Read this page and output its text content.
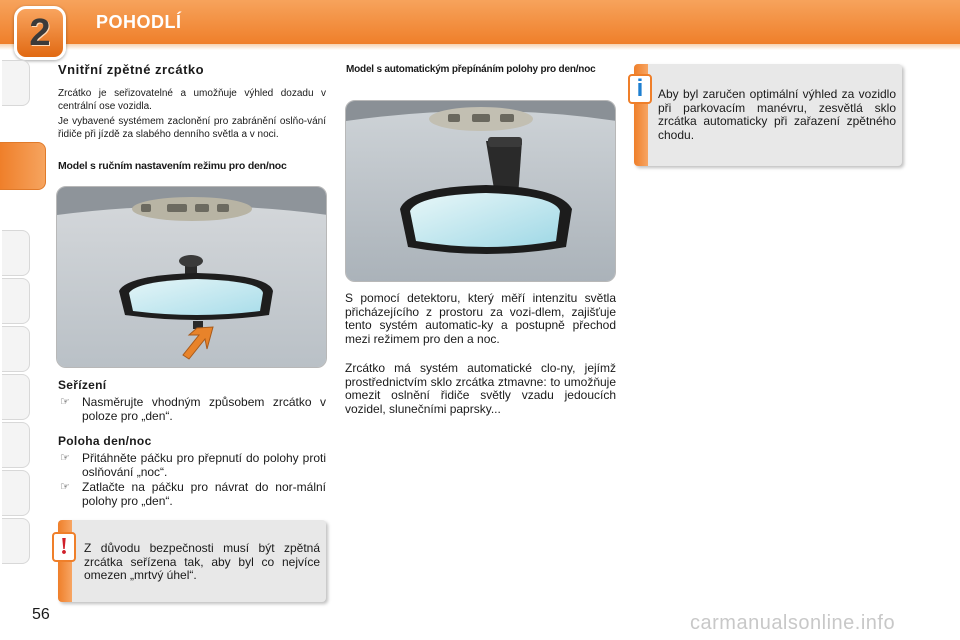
2	POHODLÍ
Vnitřní zpětné zrcátko
Zrcátko je seřizovatelné a umožňuje výhled dozadu v centrální ose vozidla.
Je vybavené systémem zaclonění pro zabránění oslňo-vání řidiče při jízdě za slabého denního světla a v noci.
Model s ručním nastavením režimu pro den/noc
Seřízení
☞	Nasměrujte vhodným způsobem zrcátko v poloze pro „den“.
Poloha den/noc
☞	Přitáhněte páčku pro přepnutí do polohy proti oslňování „noc“.
☞	Zatlačte na páčku pro návrat do nor-mální polohy pro „den“.
Z důvodu bezpečnosti musí být zpětná zrcátka seřízena tak, aby byl co nejvíce omezen „mrtvý úhel“.
!
Model s automatickým přepínáním polohy pro den/noc
S pomocí detektoru, který měří intenzitu světla přicházejícího z prostoru za vozi-dlem, zajišťuje tento systém automatic-ky a postupně přechod mezi režimem pro den a noc.
Zrcátko má systém automatické clo-ny, jejímž prostřednictvím sklo zrcátka ztmavne: to umožňuje omezit oslnění řidiče světly vzadu jedoucích vozidel, slunečními paprsky...
Aby byl zaručen optimální výhled za vozidlo při parkovacím manévru, zesvětlá sklo zrcátka automaticky při zařazení zpětného chodu.
i
56	carmanualsonline.info
